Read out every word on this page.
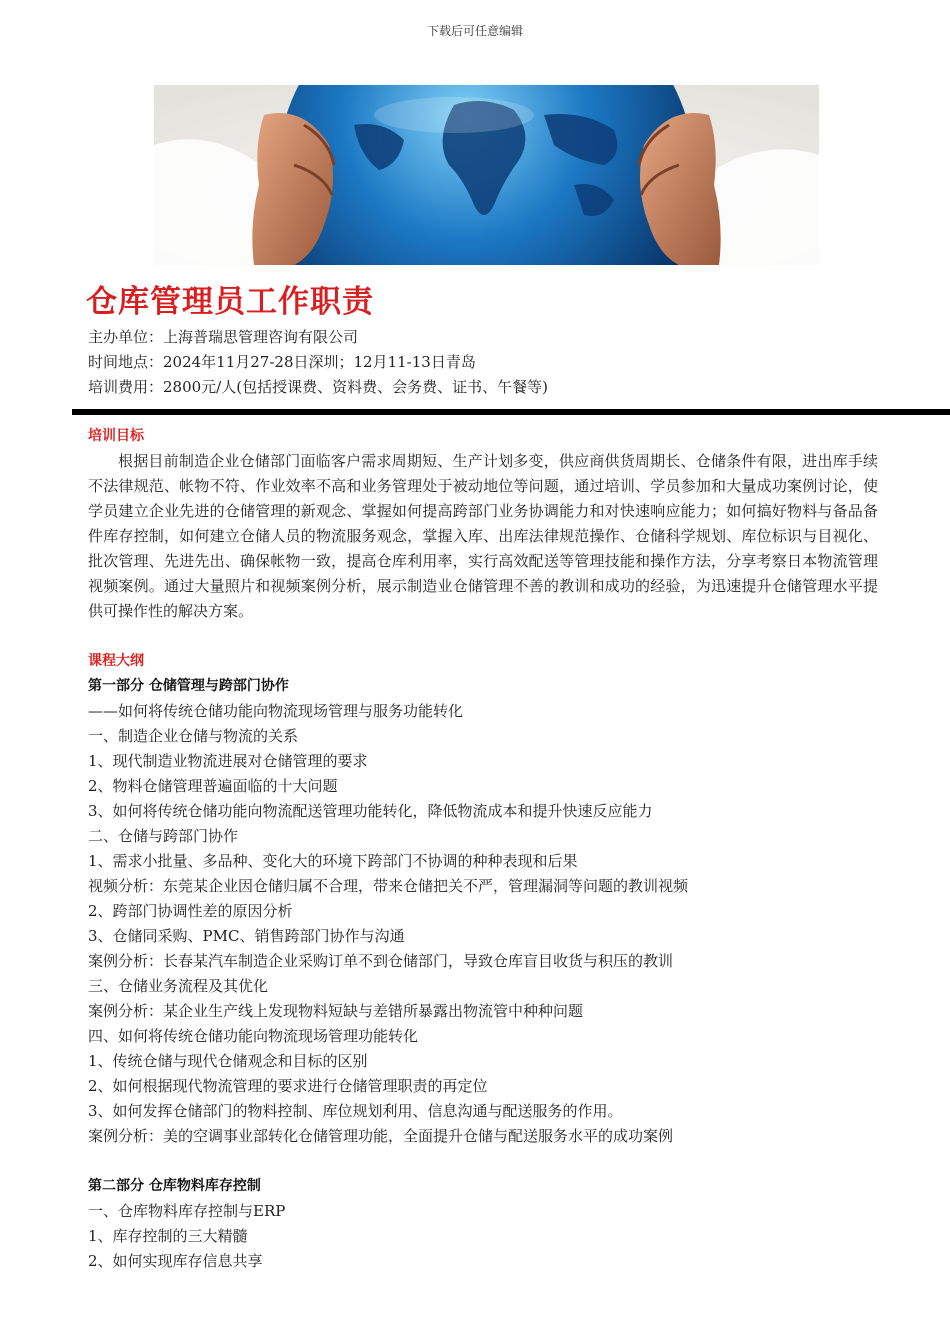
下载后可任意编辑
仓库管理员工作职责
主办单位：上海普瑞思管理咨询有限公司
时间地点：2024年11月27-28日深圳；12月11-13日青岛
培训费用：2800元/人(包括授课费、资料费、会务费、证书、午餐等)
培训目标
根据目前制造企业仓储部门面临客户需求周期短、生产计划多变，供应商供货周期长、仓储条件有限，进出库手续不法律规范、帐物不符、作业效率不高和业务管理处于被动地位等问题，通过培训、学员参加和大量成功案例讨论，使学员建立企业先进的仓储管理的新观念、掌握如何提高跨部门业务协调能力和对快速响应能力；如何搞好物料与备品备件库存控制，如何建立仓储人员的物流服务观念，掌握入库、出库法律规范操作、仓储科学规划、库位标识与目视化、批次管理、先进先出、确保帐物一致，提高仓库利用率，实行高效配送等管理技能和操作方法，分享考察日本物流管理视频案例。通过大量照片和视频案例分析，展示制造业仓储管理不善的教训和成功的经验，为迅速提升仓储管理水平提供可操作性的解决方案。
课程大纲
第一部分 仓储管理与跨部门协作
——如何将传统仓储功能向物流现场管理与服务功能转化
一、制造企业仓储与物流的关系
1、现代制造业物流进展对仓储管理的要求
2、物料仓储管理普遍面临的十大问题
3、如何将传统仓储功能向物流配送管理功能转化，降低物流成本和提升快速反应能力
二、仓储与跨部门协作
1、需求小批量、多品种、变化大的环境下跨部门不协调的种种表现和后果
视频分析：东莞某企业因仓储归属不合理，带来仓储把关不严，管理漏洞等问题的教训视频
2、跨部门协调性差的原因分析
3、仓储同采购、PMC、销售跨部门协作与沟通
案例分析：长春某汽车制造企业采购订单不到仓储部门，导致仓库盲目收货与积压的教训
三、仓储业务流程及其优化
案例分析：某企业生产线上发现物料短缺与差错所暴露出物流管中种种问题
四、如何将传统仓储功能向物流现场管理功能转化
1、传统仓储与现代仓储观念和目标的区别
2、如何根据现代物流管理的要求进行仓储管理职责的再定位
3、如何发挥仓储部门的物料控制、库位规划利用、信息沟通与配送服务的作用。
案例分析：美的空调事业部转化仓储管理功能，全面提升仓储与配送服务水平的成功案例
第二部分 仓库物料库存控制
一、仓库物料库存控制与ERP
1、库存控制的三大精髓
2、如何实现库存信息共享
